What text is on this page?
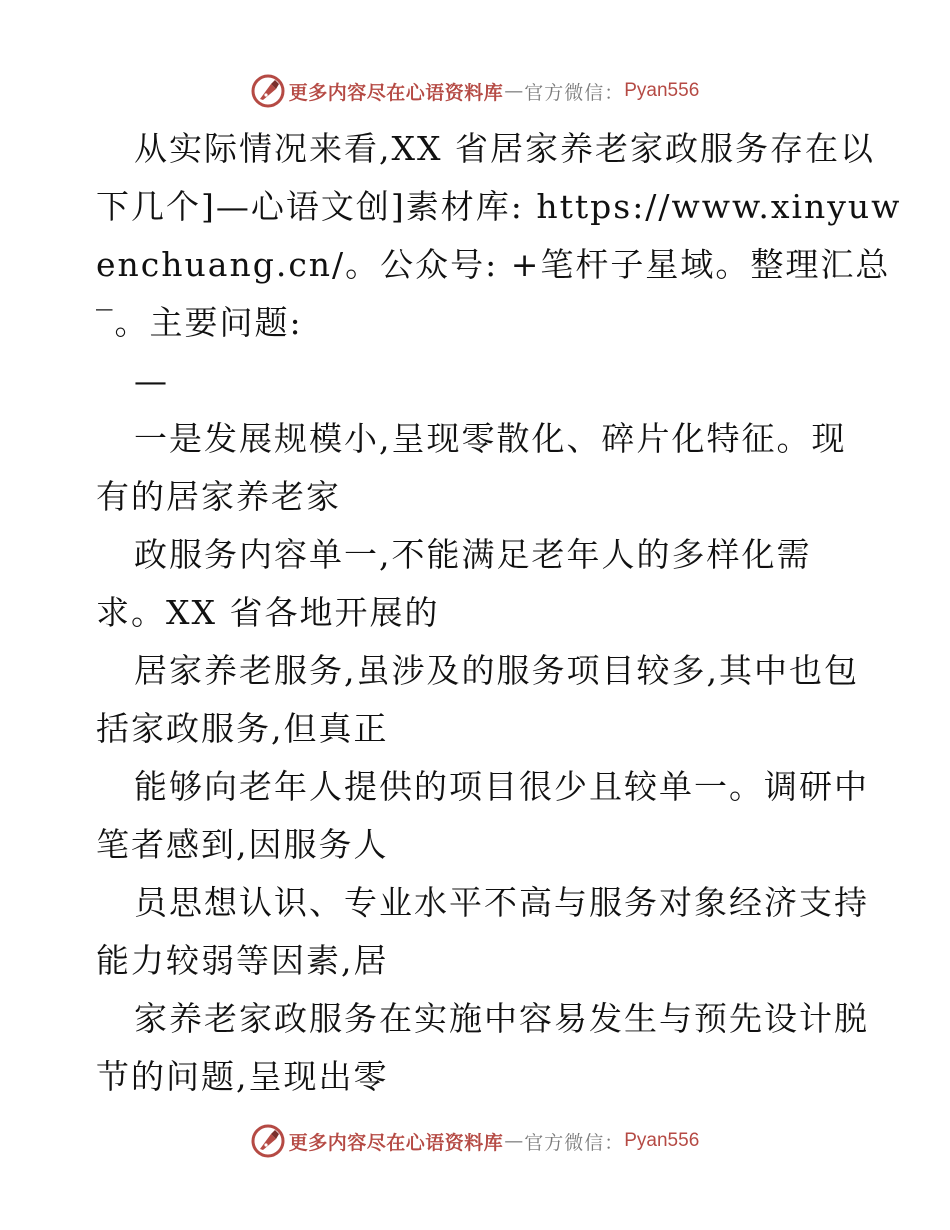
更多内容尽在心语资料库 — 官方微信： Pyan556
从实际情况来看,XX 省居家养老家政服务存在以
下几个]—心语文创]素材库: https://www.xinyuw
enchuang.cn/。公众号: +笔杆子星域。整理汇总
‾。主要问题:
—
一是发展规模小,呈现零散化、碎片化特征。现
有的居家养老家
政服务内容单一,不能满足老年人的多样化需
求。XX 省各地开展的
居家养老服务,虽涉及的服务项目较多,其中也包
括家政服务,但真正
能够向老年人提供的项目很少且较单一。调研中
笔者感到,因服务人
员思想认识、专业水平不高与服务对象经济支持
能力较弱等因素,居
家养老家政服务在实施中容易发生与预先设计脱
节的问题,呈现出零
更多内容尽在心语资料库 — 官方微信： Pyan556
